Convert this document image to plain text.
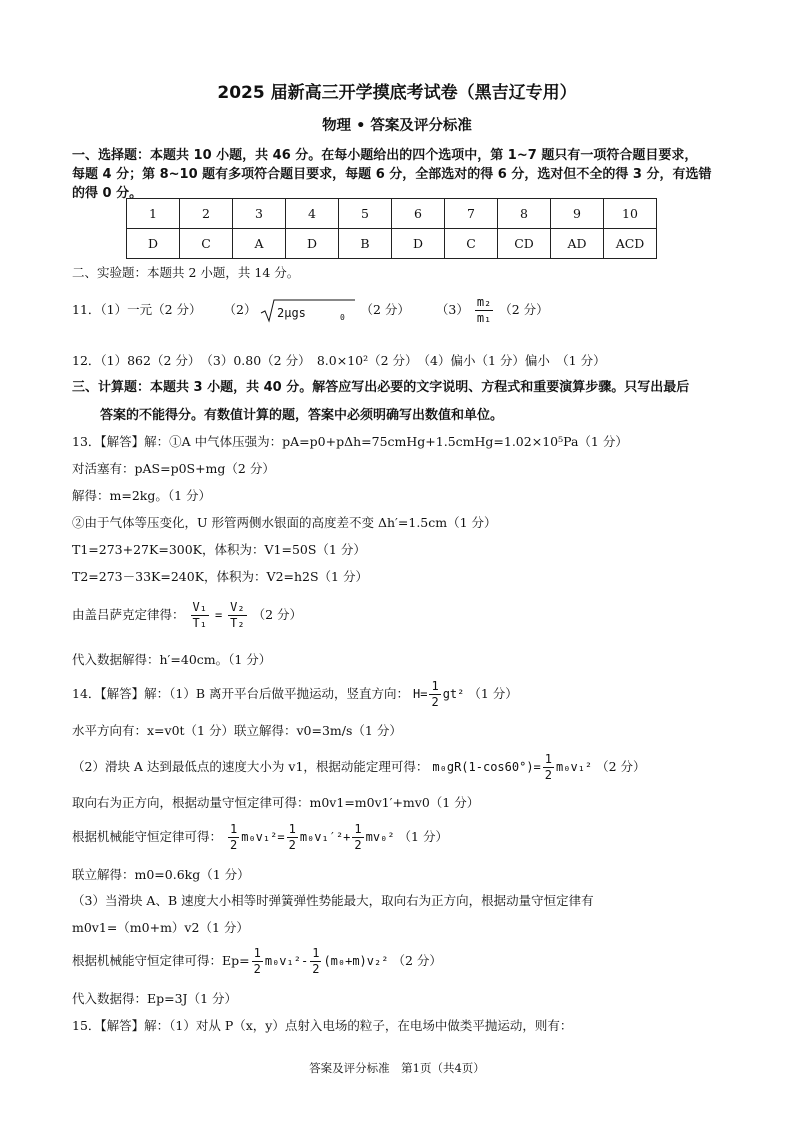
2025 届新高三开学摸底考试卷（黑吉辽专用）
物理 • 答案及评分标准
一、选择题：本题共 10 小题，共 46 分。在每小题给出的四个选项中，第 1~7 题只有一项符合题目要求，
每题 4 分；第 8~10 题有多项符合题目要求，每题 6 分，全部选对的得 6 分，选对但不全的得 3 分，有选错
的得 0 分。
1	2	3	4	5	6	7	8	9	10
D	C	A	D	B	D	C	CD	AD	ACD
二、实验题：本题共 2 小题，共 14 分。
11．（1）一元（2 分） （2） 2μgs	0
（2 分） $(3) \frac{\text{m₂}}{\text{m₁}} (2$ 分）
12．（1）862（2 分）　（3）0.80（2 分）　8.0×10²（2 分）　（4）偏小（1 分）偏小　（1 分）
三、计算题：本题共 3 小题，共 40 分。解答应写出必要的文字说明、方程式和重要演算步骤。只写出最后
答案的不能得分。有数值计算的题，答案中必须明确写出数值和单位。
13．【解答】解：①A 中气体压强为：pA=p0+pΔh=75cmHg+1.5cmHg=1.02×10⁵Pa（1 分）
对活塞有：pAS=p0S+mg（2 分）
解得：m=2kg。（1 分）
②由于气体等压变化，U 形管两侧水银面的高度差不变 Δh′=1.5cm（1 分）
T1=273+27K=300K，体积为：V1=50S（1 分）
T2=273－33K=240K，体积为：V2=h2S（1 分）
由盖吕萨克定律得： $\frac{\text{V₁}}{\text{T₁}} = \frac{\text{V₂}}{\text{T₂}} (2$ 分）
代入数据解得：h′=40cm。（1 分）
14．【解答】解：（1）B 离开平台后做平抛运动，竖直方向： $H= \frac{1}{2} gt^2$ （1 分）
水平方向有：x=v0t（1 分）联立解得：v0=3m/s（1 分）
（2）滑块 A 达到最低点的速度大小为 v1，根据动能定理可得： $m_0gR(1-\cos 60^\circ)= \frac{1}{2} m_0v_1^2$ （2 分）
取向右为正方向，根据动量守恒定律可得：m0v1=m0v1′+mv0（1 分）
根据机械能守恒定律可得： $\frac{1}{2} m_0v_1^2= \frac{1}{2} m_0v_1'^2+ \frac{1}{2} mv_0^2$ （1 分）
联立解得：m0=0.6kg（1 分）
（3）当滑块 A、B 速度大小相等时弹簧弹性势能最大，取向右为正方向，根据动量守恒定律有
m0v1=（m0+m）v2（1 分）
根据机械能守恒定律可得：$Ep= \frac{1}{2} m_0v_1^2- \frac{1}{2} (m_0+m)v_2^2$ （2 分）
代入数据得：Ep=3J（1 分）
15．【解答】解：（1）对从 P（x，y）点射入电场的粒子，在电场中做类平抛运动，则有：
答案及评分标准　第1页（共4页）
